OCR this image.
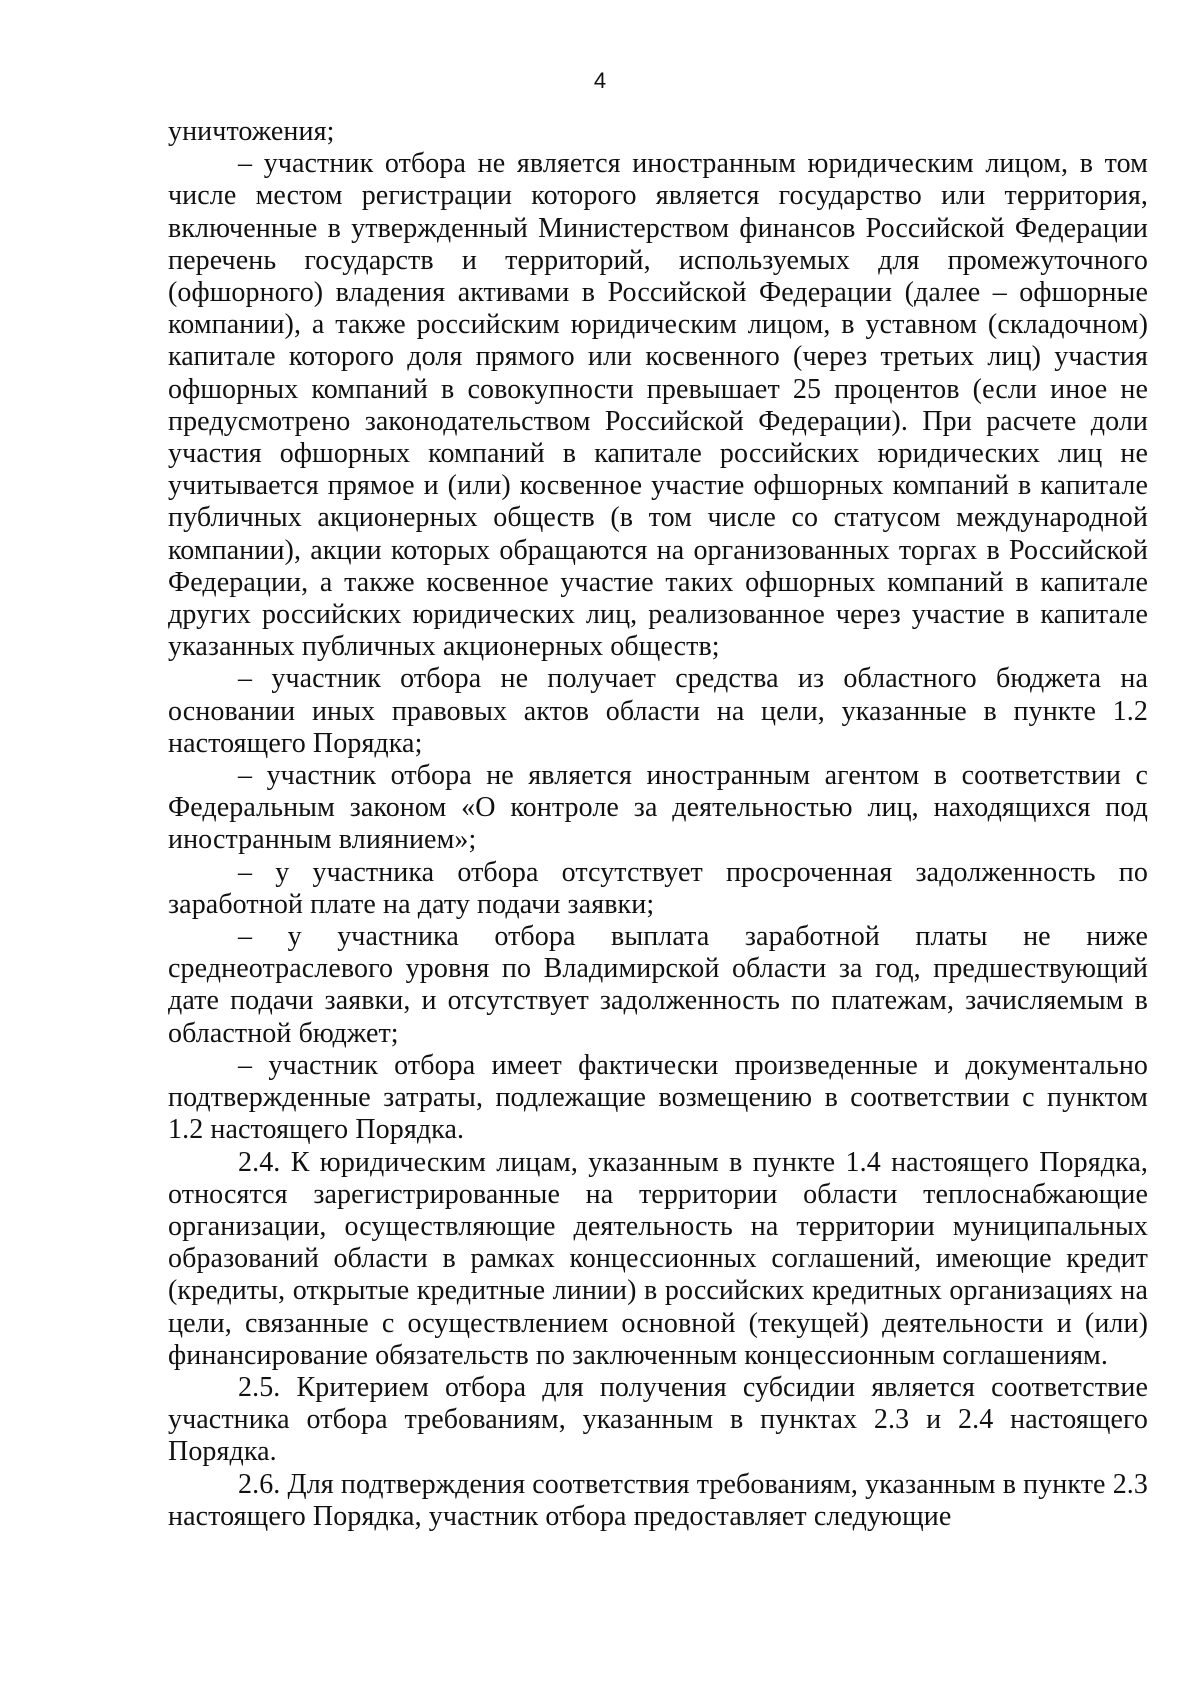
4

уничтожения;

– участник отбора не является иностранным юридическим лицом, в том числе местом регистрации которого является государство или территория, включенные в утвержденный Министерством финансов Российской Федерации перечень государств и территорий, используемых для промежуточного (офшорного) владения активами в Российской Федерации (далее – офшорные компании), а также российским юридическим лицом, в уставном (складочном) капитале которого доля прямого или косвенного (через третьих лиц) участия офшорных компаний в совокупности превышает 25 процентов (если иное не предусмотрено законодательством Российской Федерации). При расчете доли участия офшорных компаний в капитале российских юридических лиц не учитывается прямое и (или) косвенное участие офшорных компаний в капитале публичных акционерных обществ (в том числе со статусом международной компании), акции которых обращаются на организованных торгах в Российской Федерации, а также косвенное участие таких офшорных компаний в капитале других российских юридических лиц, реализованное через участие в капитале указанных публичных акционерных обществ;

– участник отбора не получает средства из областного бюджета на основании иных правовых актов области на цели, указанные в пункте 1.2 настоящего Порядка;

– участник отбора не является иностранным агентом в соответствии с Федеральным законом «О контроле за деятельностью лиц, находящихся под иностранным влиянием»;

– у участника отбора отсутствует просроченная задолженность по заработной плате на дату подачи заявки;

– у участника отбора выплата заработной платы не ниже среднеотраслевого уровня по Владимирской области за год, предшествующий дате подачи заявки, и отсутствует задолженность по платежам, зачисляемым в областной бюджет;

– участник отбора имеет фактически произведенные и документально подтвержденные затраты, подлежащие возмещению в соответствии с пунктом 1.2 настоящего Порядка.

2.4. К юридическим лицам, указанным в пункте 1.4 настоящего Порядка, относятся зарегистрированные на территории области теплоснабжающие организации, осуществляющие деятельность на территории муниципальных образований области в рамках концессионных соглашений, имеющие кредит (кредиты, открытые кредитные линии) в российских кредитных организациях на цели, связанные с осуществлением основной (текущей) деятельности и (или) финансирование обязательств по заключенным концессионным соглашениям.

2.5. Критерием отбора для получения субсидии является соответствие участника отбора требованиям, указанным в пунктах 2.3 и 2.4 настоящего Порядка.

2.6. Для подтверждения соответствия требованиям, указанным в пункте 2.3 настоящего Порядка, участник отбора предоставляет следующие
